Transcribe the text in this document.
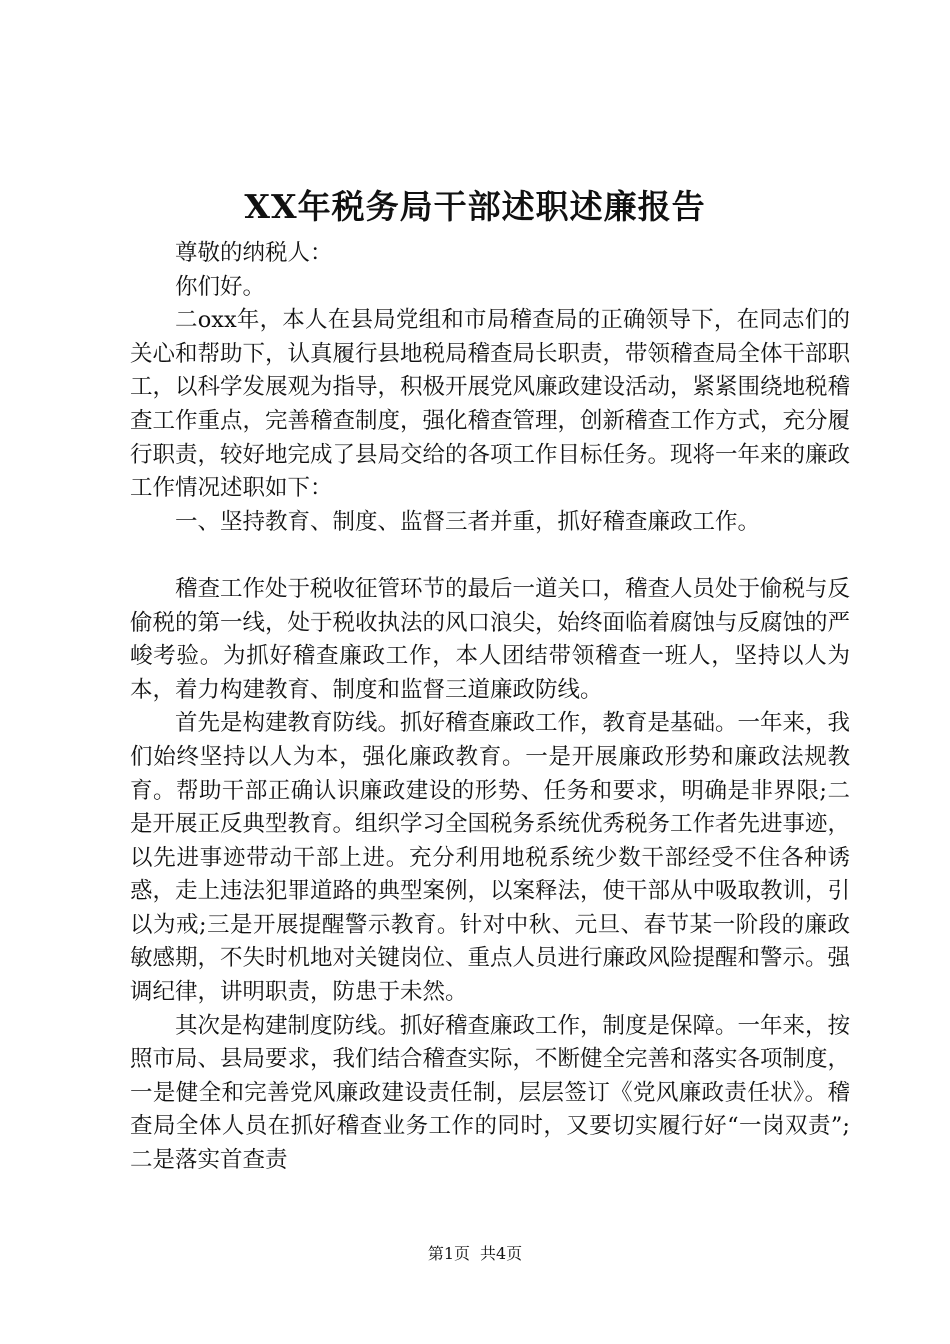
XX年税务局干部述职述廉报告

尊敬的纳税人：

你们好。

二oxx年，本人在县局党组和市局稽查局的正确领导下，在同志们的关心和帮助下，认真履行县地税局稽查局长职责，带领稽查局全体干部职工，以科学发展观为指导，积极开展党风廉政建设活动，紧紧围绕地税稽查工作重点，完善稽查制度，强化稽查管理，创新稽查工作方式，充分履行职责，较好地完成了县局交给的各项工作目标任务。现将一年来的廉政工作情况述职如下：

一、坚持教育、制度、监督三者并重，抓好稽查廉政工作。

稽查工作处于税收征管环节的最后一道关口，稽查人员处于偷税与反偷税的第一线，处于税收执法的风口浪尖，始终面临着腐蚀与反腐蚀的严峻考验。为抓好稽查廉政工作，本人团结带领稽查一班人，坚持以人为本，着力构建教育、制度和监督三道廉政防线。

首先是构建教育防线。抓好稽查廉政工作，教育是基础。一年来，我们始终坚持以人为本，强化廉政教育。一是开展廉政形势和廉政法规教育。帮助干部正确认识廉政建设的形势、任务和要求，明确是非界限;二是开展正反典型教育。组织学习全国税务系统优秀税务工作者先进事迹，以先进事迹带动干部上进。充分利用地税系统少数干部经受不住各种诱惑，走上违法犯罪道路的典型案例，以案释法，使干部从中吸取教训，引以为戒;三是开展提醒警示教育。针对中秋、元旦、春节某一阶段的廉政敏感期，不失时机地对关键岗位、重点人员进行廉政风险提醒和警示。强调纪律，讲明职责，防患于未然。

其次是构建制度防线。抓好稽查廉政工作，制度是保障。一年来，按照市局、县局要求，我们结合稽查实际，不断健全完善和落实各项制度，一是健全和完善党风廉政建设责任制，层层签订《党风廉政责任状》。稽查局全体人员在抓好稽查业务工作的同时，又要切实履行好“一岗双责”;二是落实首查责

第1页 共4页
